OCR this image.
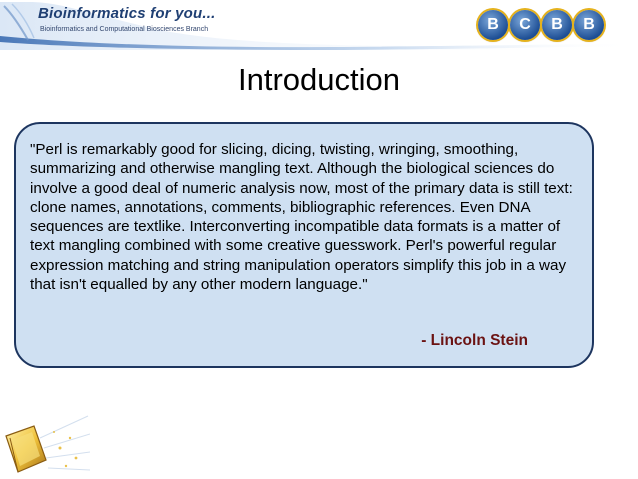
Bioinformatics for you...
Bioinformatics and Computational Biosciences Branch	B	C	B	B
Introduction
"Perl is remarkably good for slicing, dicing, twisting, wringing, smoothing, summarizing and otherwise mangling text. Although the biological sciences do involve a good deal of numeric analysis now, most of the primary data is still text: clone names, annotations, comments, bibliographic references. Even DNA sequences are textlike. Interconverting incompatible data formats is a matter of text mangling combined with some creative guesswork. Perl's powerful regular expression matching and string manipulation operators simplify this job in a way that isn't equalled by any other modern language."
- Lincoln Stein
